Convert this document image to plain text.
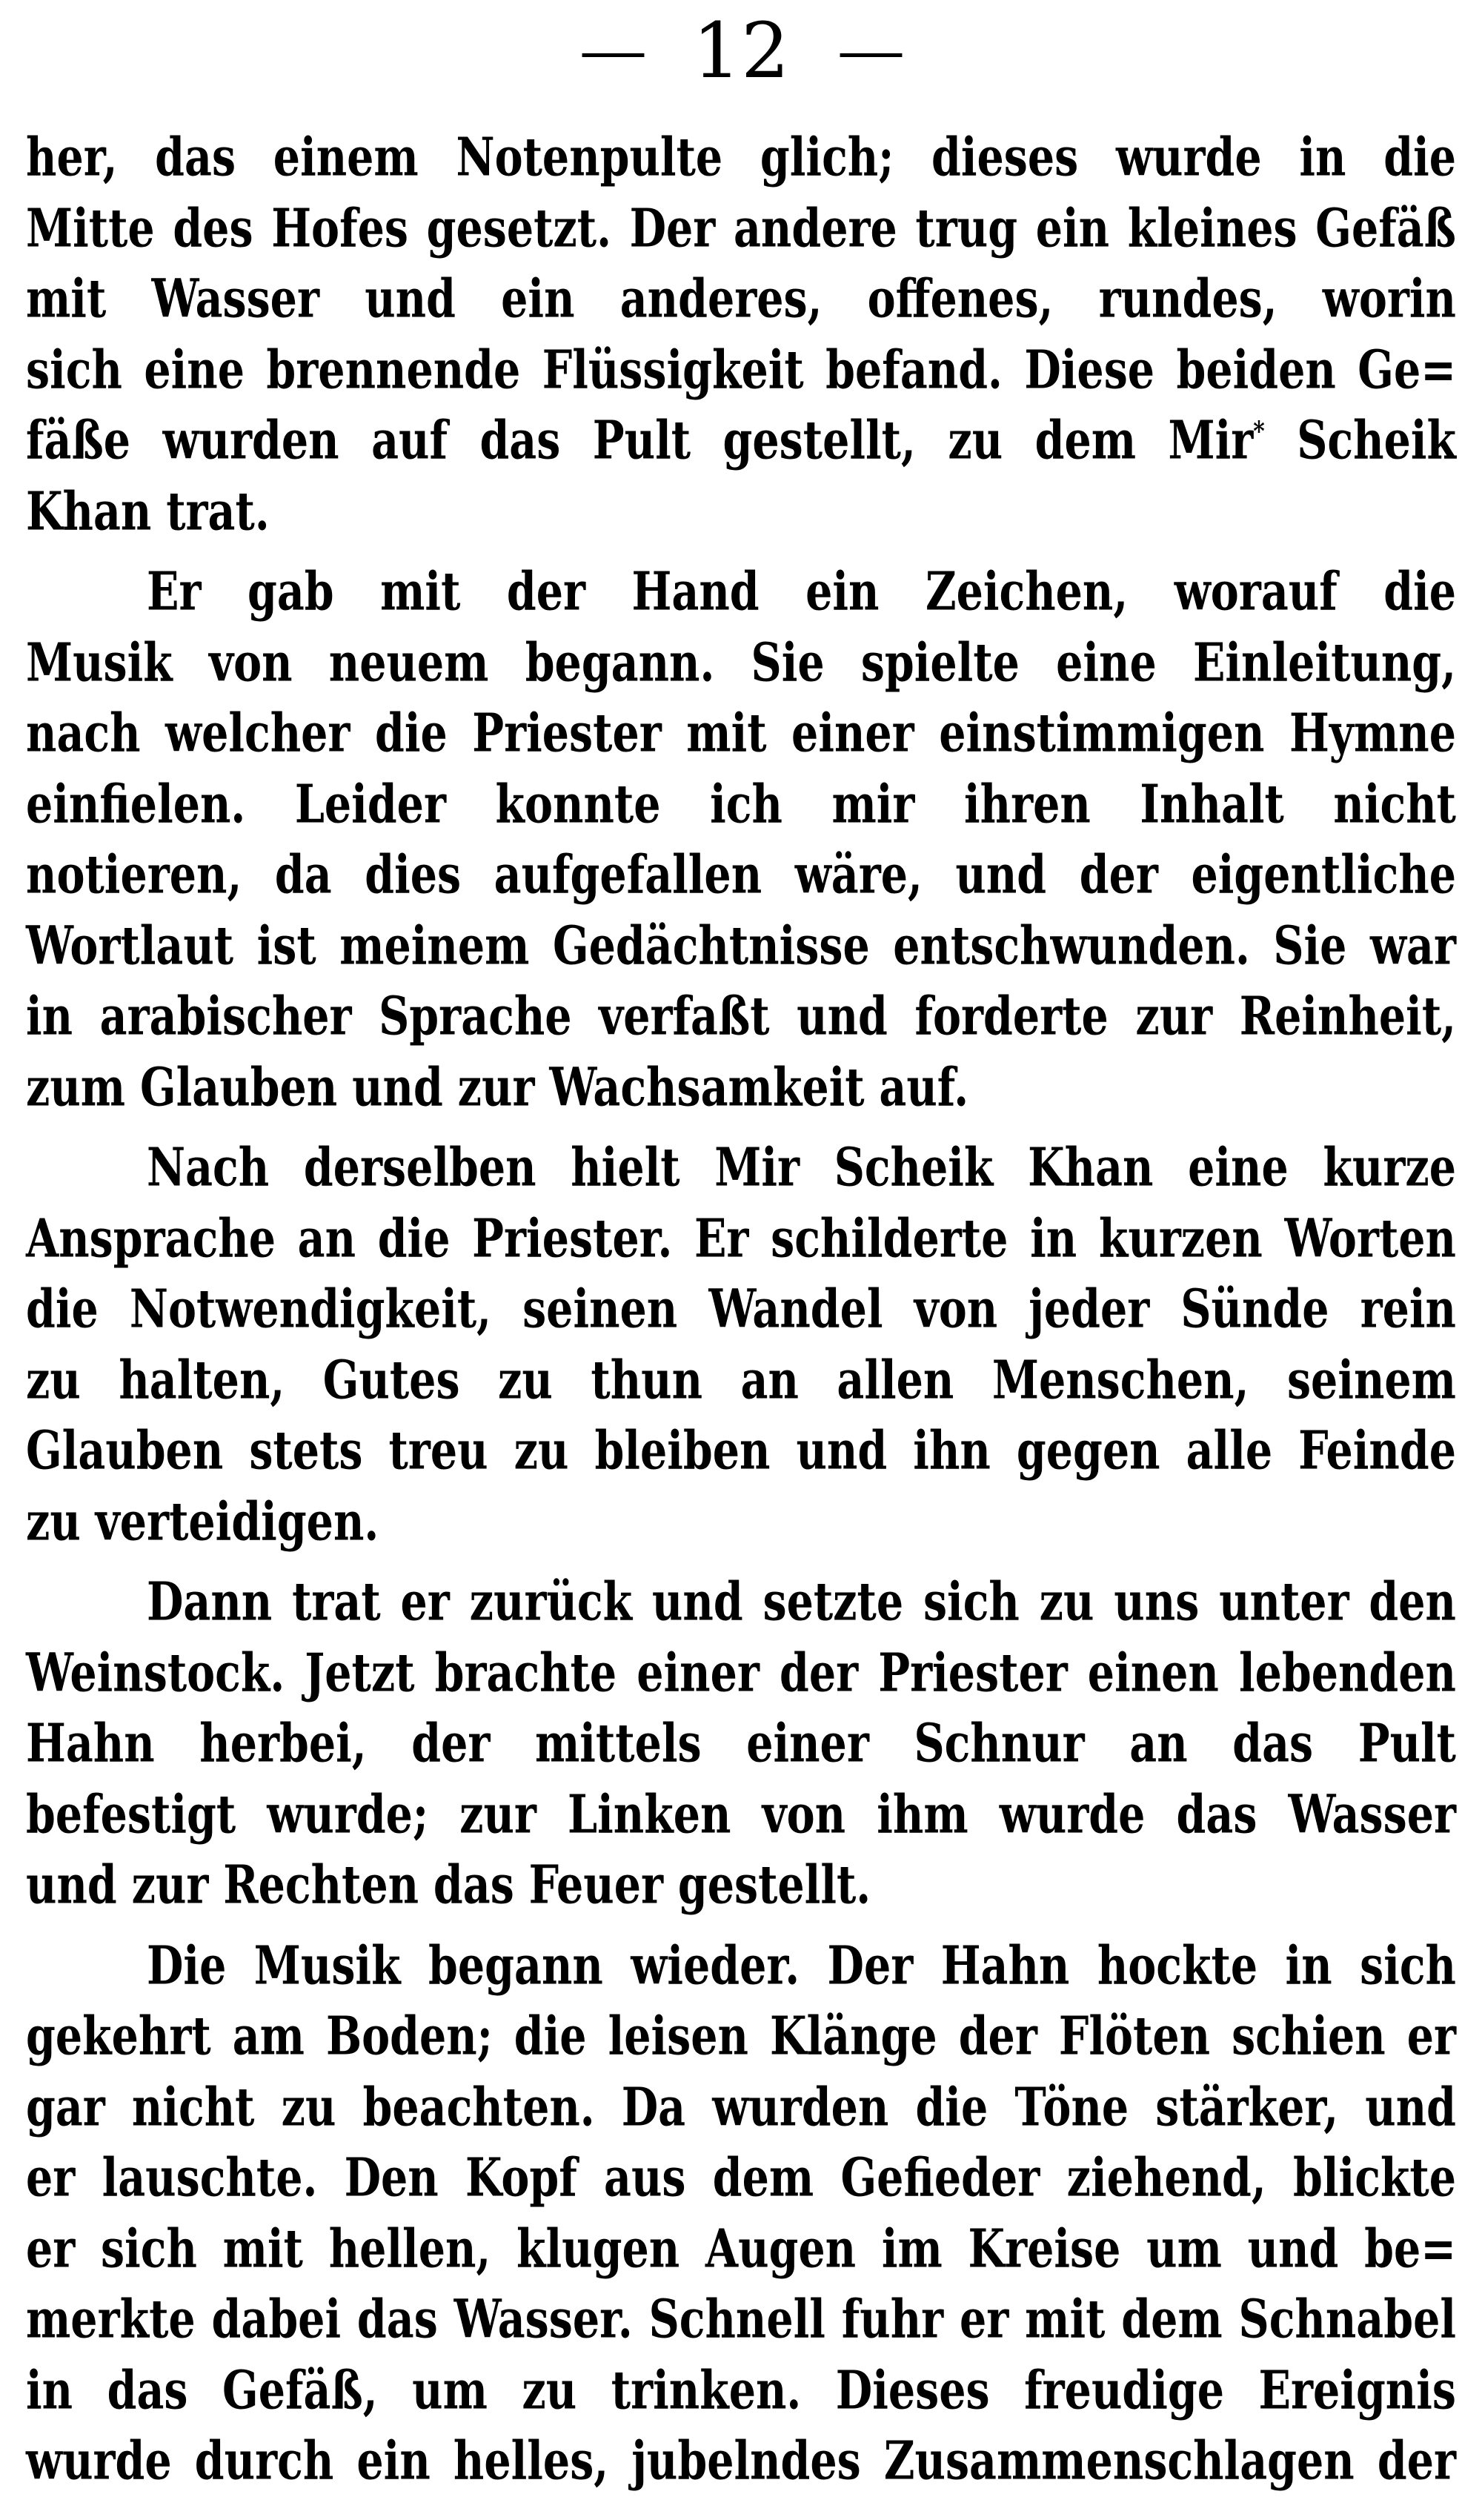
— 12 —
her, das einem Notenpulte glich; dieses wurde in die
Mitte des Hofes gesetzt. Der andere trug ein kleines Gefäß
mit Wasser und ein anderes, offenes, rundes, worin
sich eine brennende Flüssigkeit befand. Diese beiden Ge=
fäße wurden auf das Pult gestellt, zu dem Mir* Scheik
Khan trat.
Er gab mit der Hand ein Zeichen, worauf die
Musik von neuem begann. Sie spielte eine Einleitung,
nach welcher die Priester mit einer einstimmigen Hymne
einfielen. Leider konnte ich mir ihren Inhalt nicht
notieren, da dies aufgefallen wäre, und der eigentliche
Wortlaut ist meinem Gedächtnisse entschwunden. Sie war
in arabischer Sprache verfaßt und forderte zur Reinheit,
zum Glauben und zur Wachsamkeit auf.
Nach derselben hielt Mir Scheik Khan eine kurze
Ansprache an die Priester. Er schilderte in kurzen Worten
die Notwendigkeit, seinen Wandel von jeder Sünde rein
zu halten, Gutes zu thun an allen Menschen, seinem
Glauben stets treu zu bleiben und ihn gegen alle Feinde
zu verteidigen.
Dann trat er zurück und setzte sich zu uns unter den
Weinstock. Jetzt brachte einer der Priester einen lebenden
Hahn herbei, der mittels einer Schnur an das Pult
befestigt wurde; zur Linken von ihm wurde das Wasser
und zur Rechten das Feuer gestellt.
Die Musik begann wieder. Der Hahn hockte in sich
gekehrt am Boden; die leisen Klänge der Flöten schien er
gar nicht zu beachten. Da wurden die Töne stärker, und
er lauschte. Den Kopf aus dem Gefieder ziehend, blickte
er sich mit hellen, klugen Augen im Kreise um und be=
merkte dabei das Wasser. Schnell fuhr er mit dem Schnabel
in das Gefäß, um zu trinken. Dieses freudige Ereignis
wurde durch ein helles, jubelndes Zusammenschlagen der
